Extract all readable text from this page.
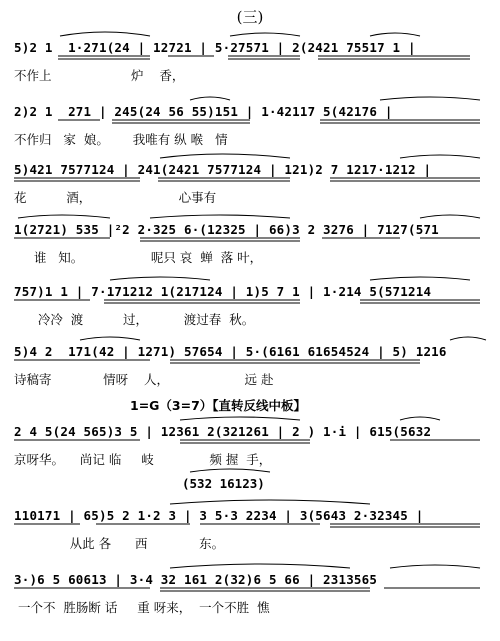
(三)
5)2 1  1·271(24 | 12721 | 5·27571 | 2(2421 75517 1 |
不作上                    炉    香，
2)2 1  271 | 245(24 56 55)151 | 1·42117 5(42176 |
不作归   家  娘。      我唯有 纵 喉   情
5)421 7577124 | 241(2421 7577124 | 121)2 7 1217·1212 |
花          酒，                      心事有
1(2721) 535 |²2 2·325 6·(12325 | 66)3 2 3276 | 7127(571
谁   知。                 呢只 哀  蝉  落 叶，
757)1 1 | 7·171212 1(217124 | 1)5 7 1 | 1·214 5(571214
冷冷  渡          过，         渡过春  秋。
5)4 2  171(42 | 1271) 57654 | 5·(6161 61654524 | 5) 1216
诗稿寄             情呀    人，                   远 赴
1=G（3=7）【直转反线中板】
2 4 5(24 565)3 5 | 12361 2(321261 | 2 ) 1·i | 615(5632
京呀华。    尚记 临     岐              频 握  手，
(532 16123)
110171 | 65)5 2 1·2 3 | 3 5·3 2234 | 3(5643 2·32345 |
从此 各      西             东。
3·)6 5 60613 | 3·4 32 161 2(32)6 5 66 | 2313565
一个不  胜肠断 话     重 呀来，  一个不胜  憔
